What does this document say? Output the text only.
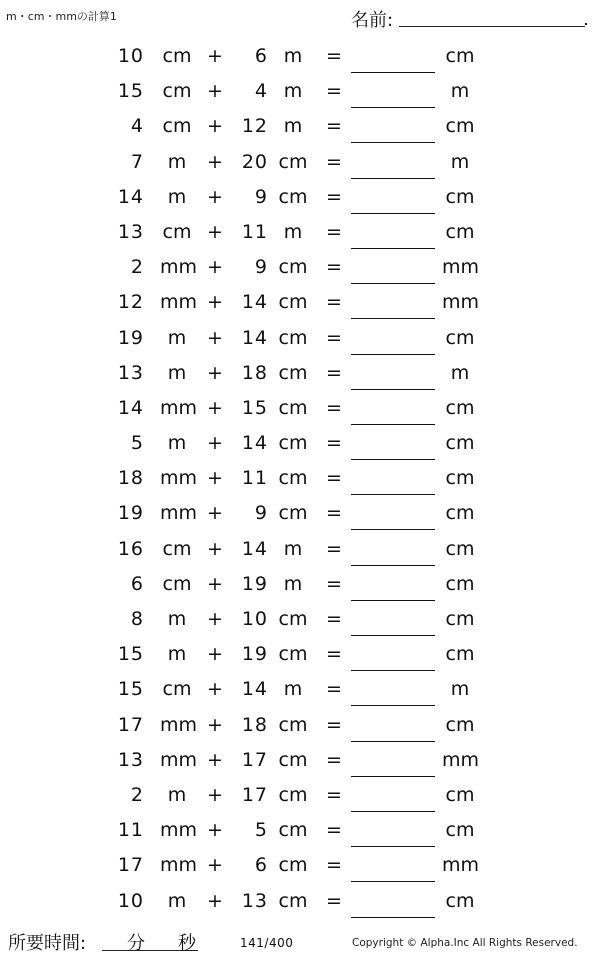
m・cm・mmの計算1	名前:
10 cm +	6 m	=	cm
15 cm +	4 m	=	m
4 cm + 12 m	=	cm
7	m	+ 20 cm =	m
14	m	+	9 cm =	cm
13 cm + 11 m	=	cm
2 mm +	9 cm =	mm
12 mm + 14 cm =	mm
19	m	+ 14 cm =	cm
13	m	+ 18 cm =	m
14 mm + 15 cm =	cm
5	m	+ 14 cm =	cm
18 mm + 11 cm =	cm
19 mm +	9 cm =	cm
16 cm + 14 m	=	cm
6 cm + 19 m	=	cm
8	m	+ 10 cm =	cm
15	m	+ 19 cm =	cm
15 cm + 14 m	=	m
17 mm + 18 cm =	cm
13 mm + 17 cm =	mm
2	m	+ 17 cm =	cm
11 mm +	5 cm =	cm
17 mm +	6 cm =	mm
10	m	+ 13 cm =	cm
所要時間: 分 秒	141/400	Copyright © Alpha.Inc All Rights Reserved.
